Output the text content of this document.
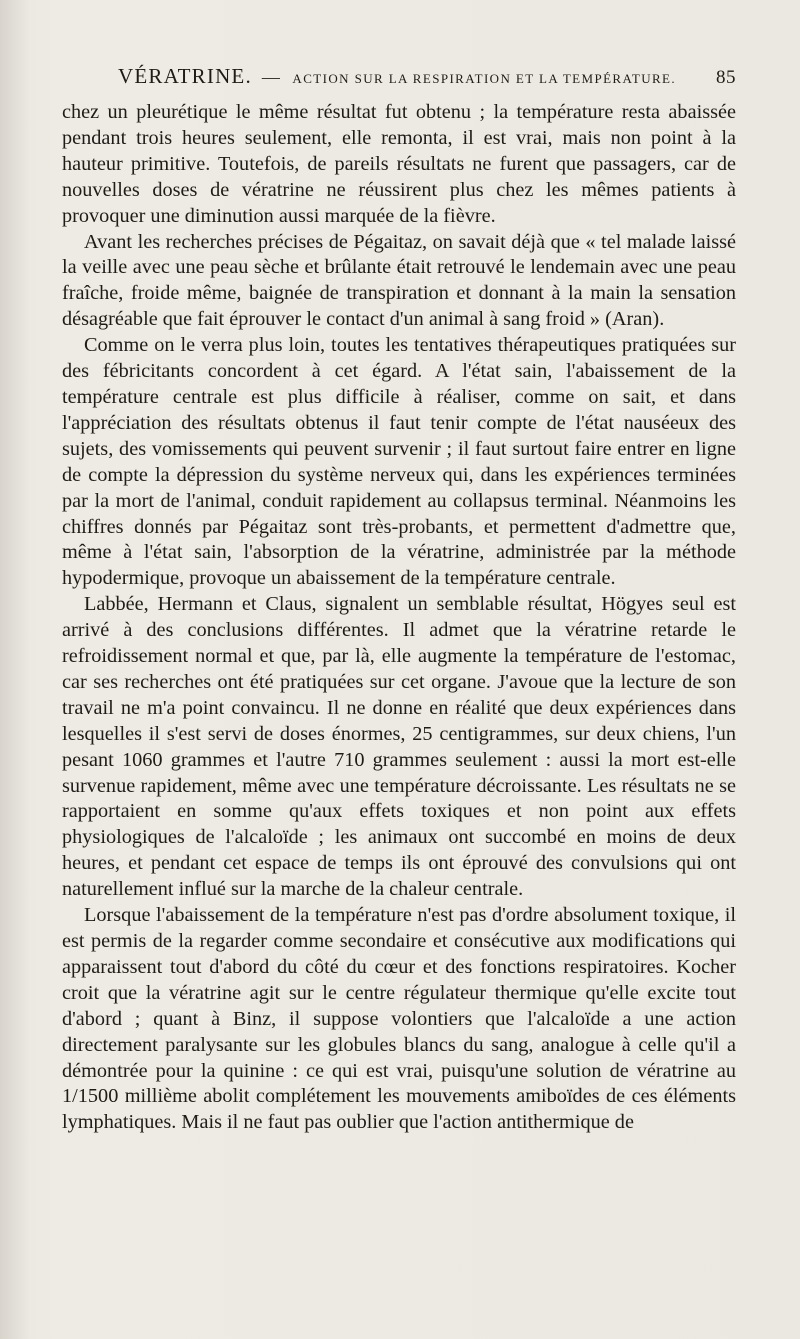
VÉRATRINE. — ACTION SUR LA RESPIRATION ET LA TEMPÉRATURE.	85

chez un pleurétique le même résultat fut obtenu ; la température resta abaissée pendant trois heures seulement, elle remonta, il est vrai, mais non point à la hauteur primitive. Toutefois, de pareils résultats ne furent que passagers, car de nouvelles doses de vératrine ne réussirent plus chez les mêmes patients à provoquer une diminution aussi marquée de la fièvre.

Avant les recherches précises de Pégaitaz, on savait déjà que « tel malade laissé la veille avec une peau sèche et brûlante était retrouvé le lendemain avec une peau fraîche, froide même, baignée de transpiration et donnant à la main la sensation désagréable que fait éprouver le contact d'un animal à sang froid » (Aran).

Comme on le verra plus loin, toutes les tentatives thérapeutiques pratiquées sur des fébricitants concordent à cet égard. A l'état sain, l'abaissement de la température centrale est plus difficile à réaliser, comme on sait, et dans l'appréciation des résultats obtenus il faut tenir compte de l'état nauséeux des sujets, des vomissements qui peuvent survenir ; il faut surtout faire entrer en ligne de compte la dépression du système nerveux qui, dans les expériences terminées par la mort de l'animal, conduit rapidement au collapsus terminal. Néanmoins les chiffres donnés par Pégaitaz sont très-probants, et permettent d'admettre que, même à l'état sain, l'absorption de la vératrine, administrée par la méthode hypodermique, provoque un abaissement de la température centrale.

Labbée, Hermann et Claus, signalent un semblable résultat, Högyes seul est arrivé à des conclusions différentes. Il admet que la vératrine retarde le refroidissement normal et que, par là, elle augmente la température de l'estomac, car ses recherches ont été pratiquées sur cet organe. J'avoue que la lecture de son travail ne m'a point convaincu. Il ne donne en réalité que deux expériences dans lesquelles il s'est servi de doses énormes, 25 centigrammes, sur deux chiens, l'un pesant 1060 grammes et l'autre 710 grammes seulement : aussi la mort est-elle survenue rapidement, même avec une température décroissante. Les résultats ne se rapportaient en somme qu'aux effets toxiques et non point aux effets physiologiques de l'alcaloïde ; les animaux ont succombé en moins de deux heures, et pendant cet espace de temps ils ont éprouvé des convulsions qui ont naturellement influé sur la marche de la chaleur centrale.

Lorsque l'abaissement de la température n'est pas d'ordre absolument toxique, il est permis de la regarder comme secondaire et consécutive aux modifications qui apparaissent tout d'abord du côté du cœur et des fonctions respiratoires. Kocher croit que la vératrine agit sur le centre régulateur thermique qu'elle excite tout d'abord ; quant à Binz, il suppose volontiers que l'alcaloïde a une action directement paralysante sur les globules blancs du sang, analogue à celle qu'il a démontrée pour la quinine : ce qui est vrai, puisqu'une solution de vératrine au 1/1500 millième abolit complétement les mouvements amiboïdes de ces éléments lymphatiques. Mais il ne faut pas oublier que l'action antithermique de
